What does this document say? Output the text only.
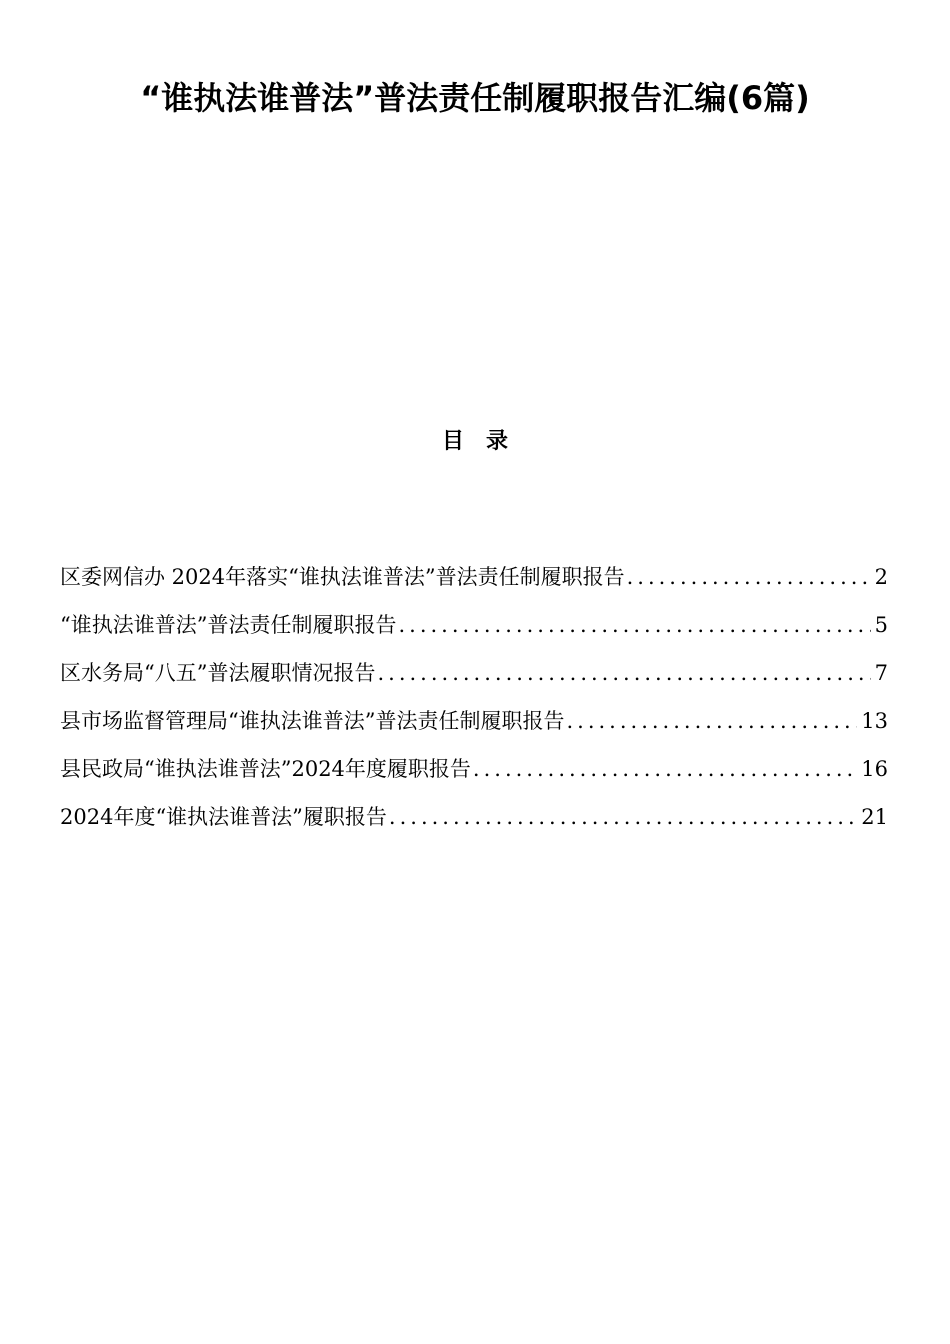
“谁执法谁普法”普法责任制履职报告汇编(6篇)
目 录
区委网信办 2024年落实“谁执法谁普法”普法责任制履职报告 .....	2
“谁执法谁普法”普法责任制履职报告 .....	5
区水务局“八五”普法履职情况报告 .....	7
县市场监督管理局“谁执法谁普法”普法责任制履职报告 .....	13
县民政局“谁执法谁普法”2024年度履职报告 .....	16
2024年度“谁执法谁普法”履职报告 .....	21
